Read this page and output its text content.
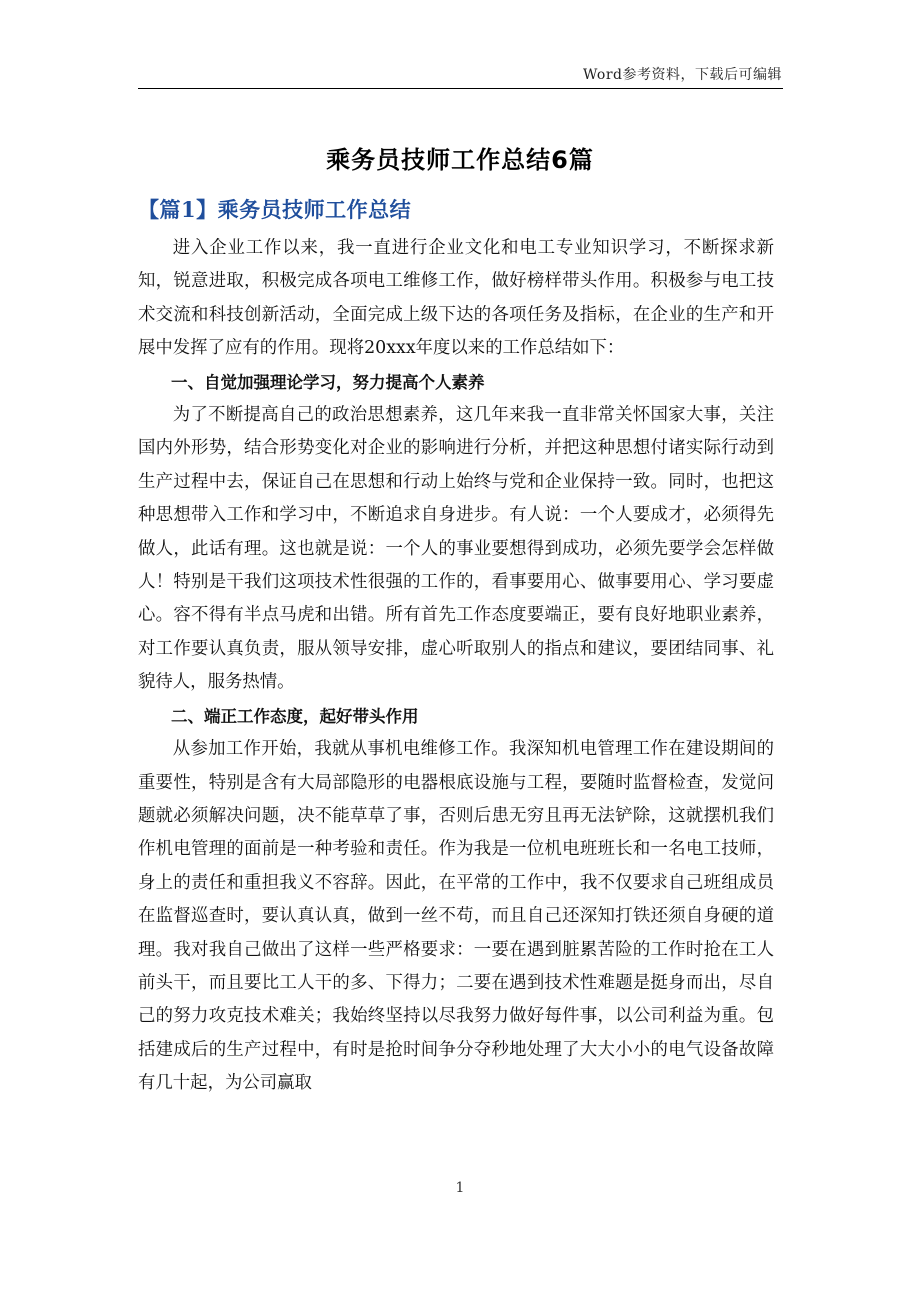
Word参考资料，下载后可编辑
乘务员技师工作总结6篇
【篇1】乘务员技师工作总结

进入企业工作以来，我一直进行企业文化和电工专业知识学习，不断探求新知，锐意进取，积极完成各项电工维修工作，做好榜样带头作用。积极参与电工技术交流和科技创新活动，全面完成上级下达的各项任务及指标，在企业的生产和开展中发挥了应有的作用。现将20xxx年度以来的工作总结如下：

一、自觉加强理论学习，努力提高个人素养

为了不断提高自己的政治思想素养，这几年来我一直非常关怀国家大事，关注国内外形势，结合形势变化对企业的影响进行分析，并把这种思想付诸实际行动到生产过程中去，保证自己在思想和行动上始终与党和企业保持一致。同时，也把这种思想带入工作和学习中，不断追求自身进步。有人说：一个人要成才，必须得先做人，此话有理。这也就是说：一个人的事业要想得到成功，必须先要学会怎样做人！特别是干我们这项技术性很强的工作的，看事要用心、做事要用心、学习要虚心。容不得有半点马虎和出错。所有首先工作态度要端正，要有良好地职业素养，对工作要认真负责，服从领导安排，虚心听取别人的指点和建议，要团结同事、礼貌待人，服务热情。

二、端正工作态度，起好带头作用

从参加工作开始，我就从事机电维修工作。我深知机电管理工作在建设期间的重要性，特别是含有大局部隐形的电器根底设施与工程，要随时监督检查，发觉问题就必须解决问题，决不能草草了事，否则后患无穷且再无法铲除，这就摆机我们作机电管理的面前是一种考验和责任。作为我是一位机电班班长和一名电工技师，身上的责任和重担我义不容辞。因此，在平常的工作中，我不仅要求自己班组成员在监督巡查时，要认真认真，做到一丝不苟，而且自己还深知打铁还须自身硬的道理。我对我自己做出了这样一些严格要求：一要在遇到脏累苦险的工作时抢在工人前头干，而且要比工人干的多、下得力；二要在遇到技术性难题是挺身而出，尽自己的努力攻克技术难关；我始终坚持以尽我努力做好每件事，以公司利益为重。包括建成后的生产过程中，有时是抢时间争分夺秒地处理了大大小小的电气设备故障有几十起，为公司赢取

1
